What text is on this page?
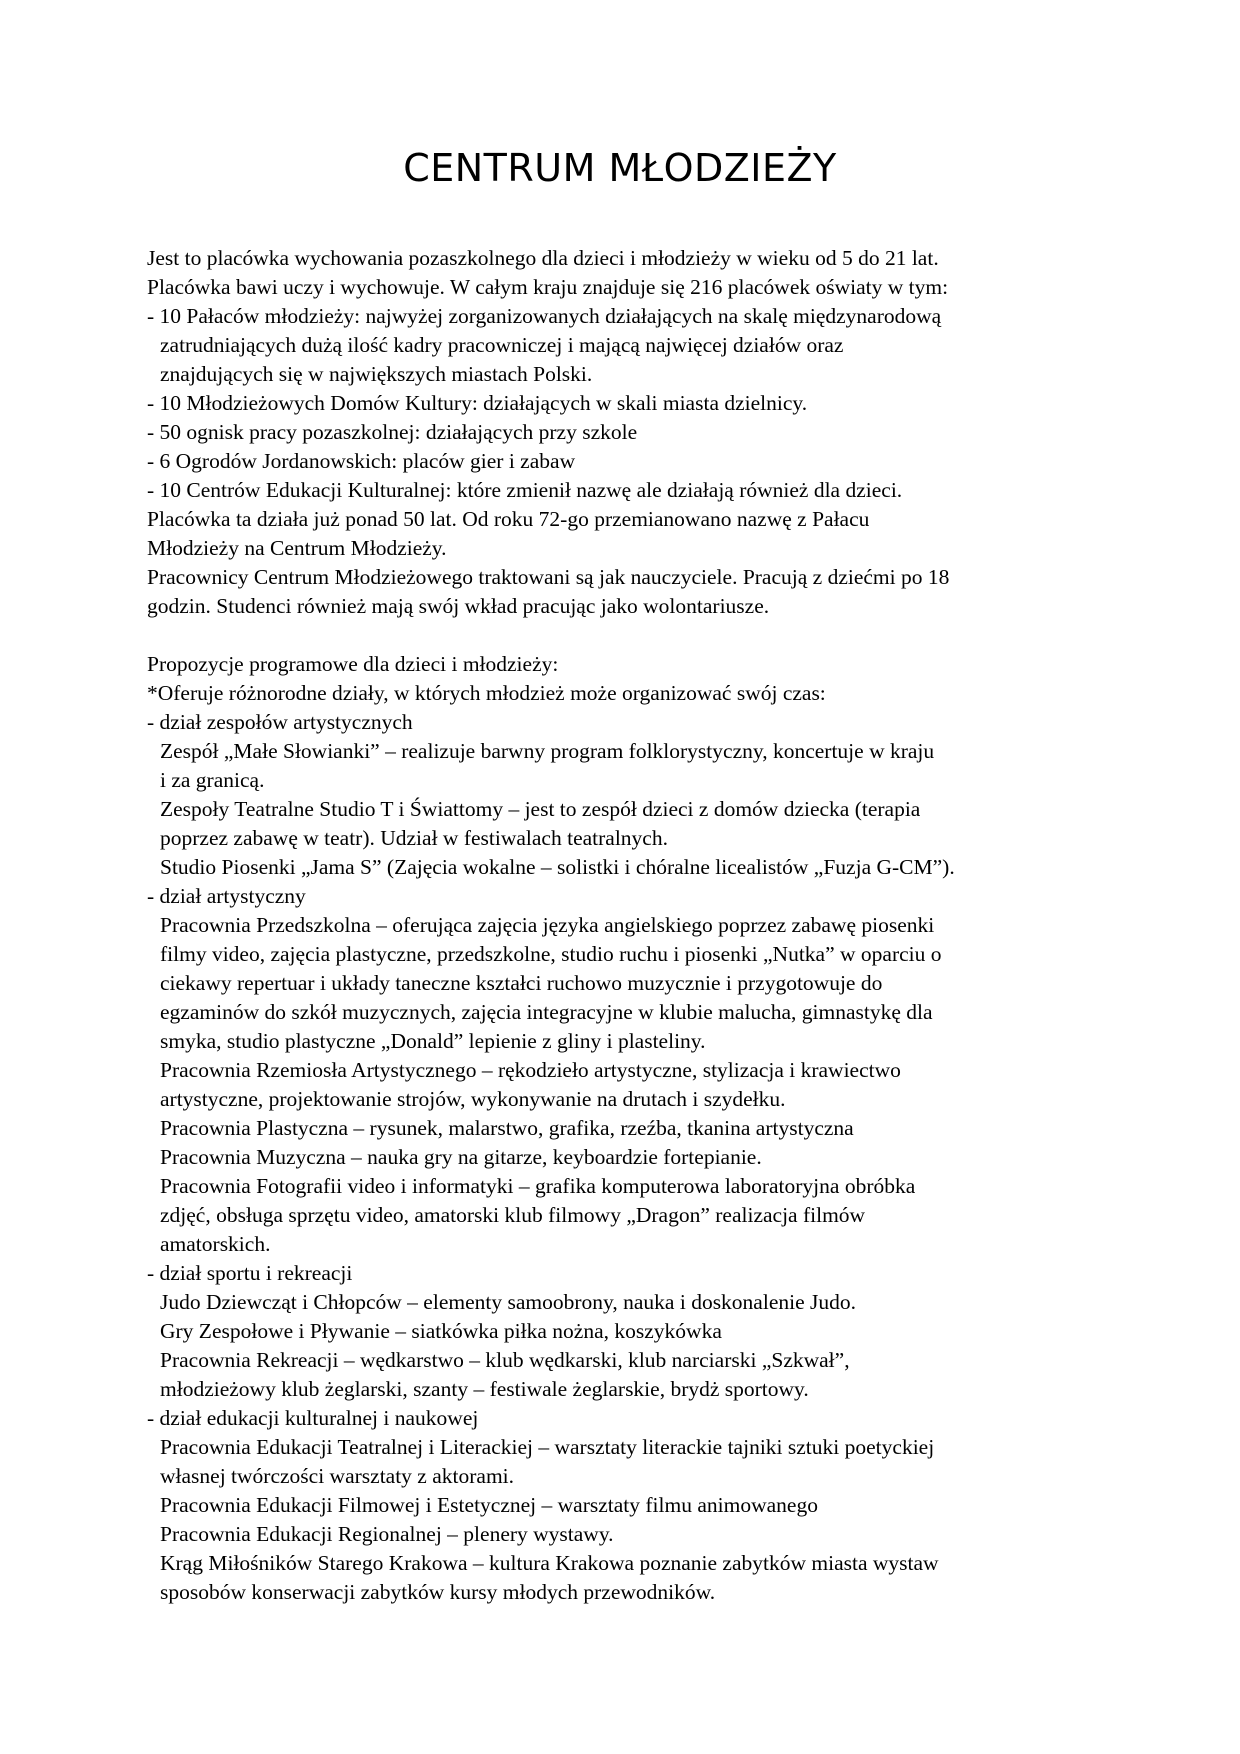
CENTRUM MŁODZIEŻY
Jest to placówka wychowania pozaszkolnego dla dzieci i młodzieży w wieku od 5 do 21 lat.
Placówka bawi uczy i wychowuje. W całym kraju znajduje się 216 placówek oświaty w tym:
- 10 Pałaców młodzieży: najwyżej zorganizowanych działających na skalę międzynarodową
zatrudniających dużą ilość kadry pracowniczej i mającą najwięcej działów oraz
znajdujących się w największych miastach Polski.
- 10 Młodzieżowych Domów Kultury: działających w skali miasta dzielnicy.
- 50 ognisk pracy pozaszkolnej: działających przy szkole
- 6 Ogrodów Jordanowskich: placów gier i zabaw
- 10 Centrów Edukacji Kulturalnej: które zmienił nazwę ale działają również dla dzieci.
Placówka ta działa już ponad 50 lat. Od roku 72-go przemianowano nazwę z Pałacu
Młodzieży na Centrum Młodzieży.
Pracownicy Centrum Młodzieżowego traktowani są jak nauczyciele. Pracują z dziećmi po 18
godzin. Studenci również mają swój wkład pracując jako wolontariusze.
Propozycje programowe dla dzieci i młodzieży:
*Oferuje różnorodne działy, w których młodzież może organizować swój czas:
- dział zespołów artystycznych
Zespół „Małe Słowianki” – realizuje barwny program folklorystyczny, koncertuje w kraju
i za granicą.
Zespoły Teatralne Studio T i Świattomy – jest to zespół dzieci z domów dziecka (terapia
poprzez zabawę w teatr). Udział w festiwalach teatralnych.
Studio Piosenki „Jama S” (Zajęcia wokalne – solistki i chóralne licealistów „Fuzja G-CM”).
- dział artystyczny
Pracownia Przedszkolna – oferująca zajęcia języka angielskiego poprzez zabawę piosenki
filmy video, zajęcia plastyczne, przedszkolne, studio ruchu i piosenki „Nutka” w oparciu o
ciekawy repertuar i układy taneczne kształci ruchowo muzycznie i przygotowuje do
egzaminów do szkół muzycznych, zajęcia integracyjne w klubie malucha, gimnastykę dla
smyka, studio plastyczne „Donald” lepienie z gliny i plasteliny.
Pracownia Rzemiosła Artystycznego – rękodzieło artystyczne, stylizacja i krawiectwo
artystyczne, projektowanie strojów, wykonywanie na drutach i szydełku.
Pracownia Plastyczna – rysunek, malarstwo, grafika, rzeźba, tkanina artystyczna
Pracownia Muzyczna – nauka gry na gitarze, keyboardzie fortepianie.
Pracownia Fotografii video i informatyki – grafika komputerowa laboratoryjna obróbka
zdjęć, obsługa sprzętu video, amatorski klub filmowy „Dragon” realizacja filmów
amatorskich.
- dział sportu i rekreacji
Judo Dziewcząt i Chłopców – elementy samoobrony, nauka i doskonalenie Judo.
Gry Zespołowe i Pływanie – siatkówka piłka nożna, koszykówka
Pracownia Rekreacji – wędkarstwo – klub wędkarski, klub narciarski „Szkwał”,
młodzieżowy klub żeglarski, szanty – festiwale żeglarskie, brydż sportowy.
- dział edukacji kulturalnej i naukowej
Pracownia Edukacji Teatralnej i Literackiej – warsztaty literackie tajniki sztuki poetyckiej
własnej twórczości warsztaty z aktorami.
Pracownia Edukacji Filmowej i Estetycznej – warsztaty filmu animowanego
Pracownia Edukacji Regionalnej – plenery wystawy.
Krąg Miłośników Starego Krakowa – kultura Krakowa poznanie zabytków miasta wystaw
sposobów konserwacji zabytków kursy młodych przewodników.
